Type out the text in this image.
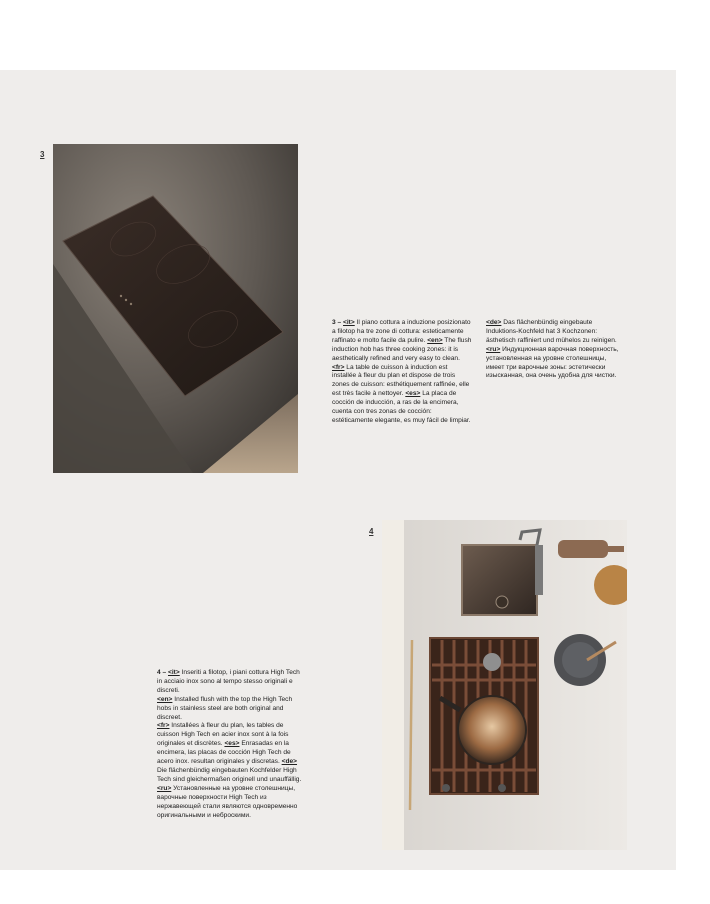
3

3 – <it> Il piano cottura a induzione posizionato a filotop ha tre zone di cottura: esteticamente raffinato e molto facile da pulire. <en> The flush induction hob has three cooking zones: it is aesthetically refined and very easy to clean. <fr> La table de cuisson à induction est installée à fleur du plan et dispose de trois zones de cuisson: esthétiquement raffinée, elle est très facile à nettoyer. <es> La placa de cocción de inducción, a ras de la encimera, cuenta con tres zonas de cocción: estéticamente elegante, es muy fácil de limpiar.

<de> Das flächenbündig eingebaute Induktions-Kochfeld hat 3 Kochzonen: ästhetisch raffiniert und mühelos zu reinigen. <ru> Индукционная варочная поверхность, установленная на уровне столешницы, имеет три варочные зоны: эстетически изысканная, она очень удобна для чистки.

4

4 – <it> Inseriti a filotop, i piani cottura High Tech in acciaio inox sono al tempo stesso originali e discreti.

<en> Installed flush with the top the High Tech hobs in stainless steel are both original and discreet.

<fr> Installées à fleur du plan, les tables de cuisson High Tech en acier inox sont à la fois originales et discrètes. <es> Enrasadas en la encimera, las placas de cocción High Tech de acero inox. resultan originales y discretas. <de> Die flächenbündig eingebauten Kochfelder High Tech sind gleichermaßen originell und unauffällig.

<ru> Установленные на уровне столешницы, варочные поверхности High Tech из нержавеющей стали являются одновременно оригинальными и неброскими.
